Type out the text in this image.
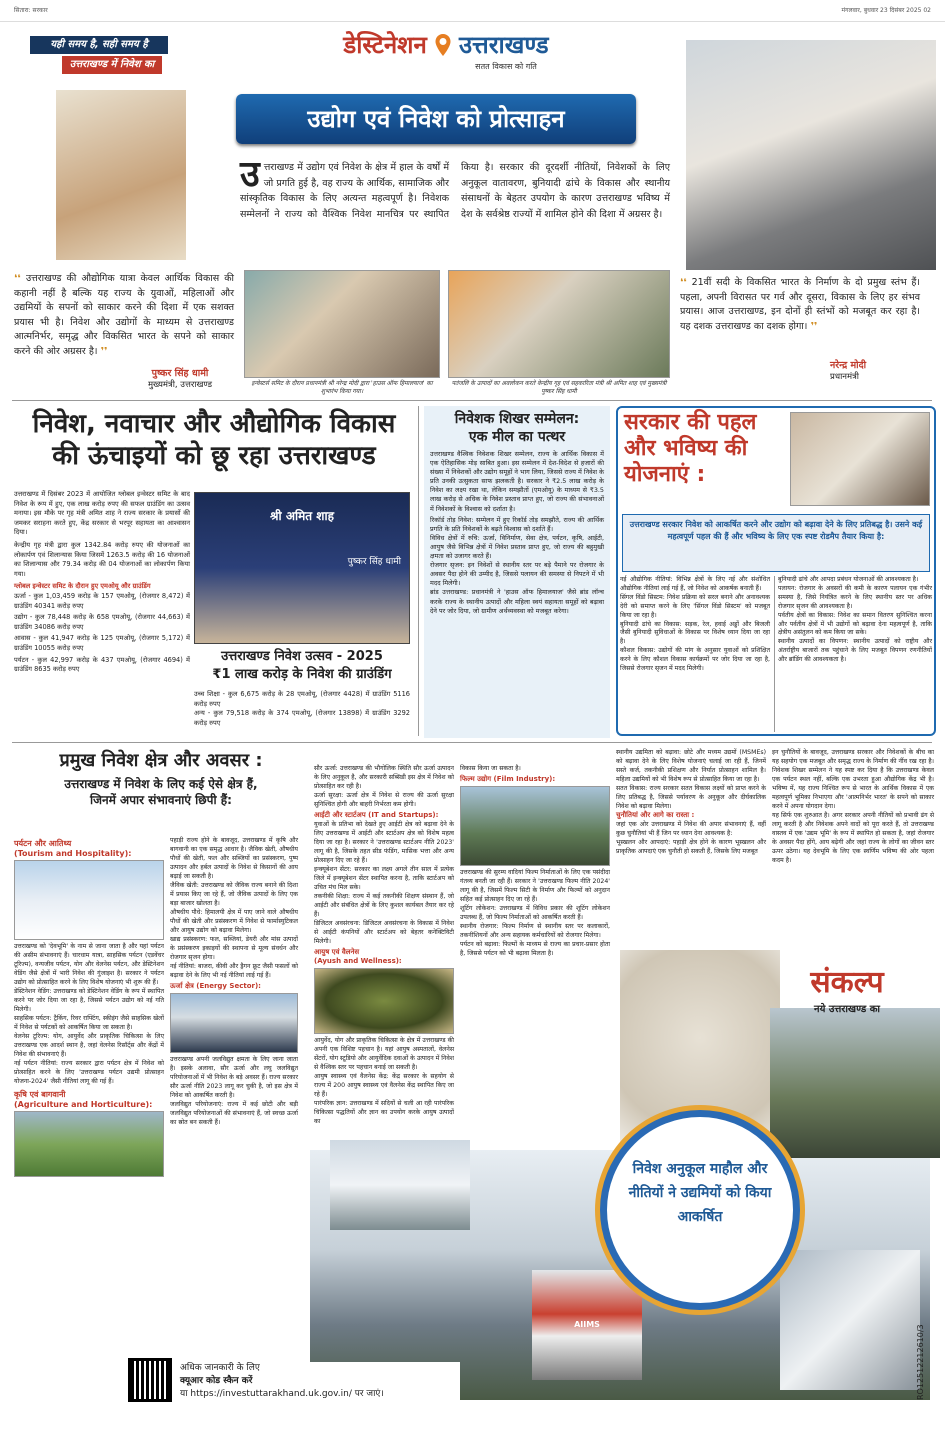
सितारा: सरकार	मंगलवार, बुधवार 23 दिसंबर 2025 02
यही समय है, सही समय है
उत्तराखण्ड में निवेश का
डेस्टिनेशन उत्तराखण्ड
सतत विकास को गति
उद्योग एवं निवेश को प्रोत्साहन
उत्तराखण्ड में उद्योग एवं निवेश के क्षेत्र में हाल के वर्षों में जो प्रगति हुई है, वह राज्य के आर्थिक, सामाजिक और सांस्कृतिक विकास के लिए अत्यन्त महत्वपूर्ण है। निवेशक सम्मेलनों ने राज्य को वैश्विक निवेश मानचित्र पर स्थापित किया है। सरकार की दूरदर्शी नीतियों, निवेशकों के लिए अनुकूल वातावरण, बुनियादी ढांचे के विकास और स्थानीय संसाधनों के बेहतर उपयोग के कारण उत्तराखण्ड भविष्य में देश के सर्वश्रेष्ठ राज्यों में शामिल होने की दिशा में अग्रसर है।
❛❛ उत्तराखण्ड की औद्योगिक यात्रा केवल आर्थिक विकास की कहानी नहीं है बल्कि यह राज्य के युवाओं, महिलाओं और उद्यमियों के सपनों को साकार करने की दिशा में एक सशक्त प्रयास भी है। निवेश और उद्योगों के माध्यम से उत्तराखण्ड आत्मनिर्भर, समृद्ध और विकसित भारत के सपने को साकार करने की ओर अग्रसर है। ❜❜
पुष्कर सिंह धामी
मुख्यमंत्री, उत्तराखण्ड	इन्वेस्टर्स समिट के दौरान प्रधानमंत्री श्री नरेन्द्र मोदी द्वारा 'हाउस ऑफ हिमालयाज' का शुभारंभ किया गया।
पतंजलि के उत्पादों का अवलोकन करते केन्द्रीय गृह एवं सहकारिता मंत्री श्री अमित शाह एवं मुख्यमंत्री पुष्कर सिंह धामी
❛❛ 21वीं सदी के विकसित भारत के निर्माण के दो प्रमुख स्तंभ हैं। पहला, अपनी विरासत पर गर्व और दूसरा, विकास के लिए हर संभव प्रयास। आज उत्तराखण्ड, इन दोनों ही स्तंभों को मजबूत कर रहा है। यह दशक उत्तराखण्ड का दशक होगा। ❜❜
नरेन्द्र मोदी
प्रधानमंत्री
निवेश, नवाचार और औद्योगिक विकास
की ऊंचाइयों को छू रहा उत्तराखण्ड

उत्तराखण्ड में दिसंबर 2023 में आयोजित ग्लोबल इन्वेस्टर समिट के बाद निवेश के रूप में हुए, एक लाख करोड़ रुपए की सफल ग्राउंडिंग का उत्सव मनाया। इस मौके पर गृह मंत्री अमित शाह ने राज्य सरकार के प्रयासों की जमकर सराहना करते हुए, केंद्र सरकार से भरपूर सहायता का आश्वासन दिया।

केन्द्रीय गृह मंत्री द्वारा कुल 1342.84 करोड़ रुपए की योजनाओं का लोकार्पण एवं शिलान्यास किया जिसमें 1263.5 करोड़ की 16 योजनाओं का शिलान्यास और 79.34 करोड़ की 04 योजनाओं का लोकार्पण किया गया।

ग्लोबल इन्वेस्टर समिट के दौरान हुए एमओयू और ग्राउंडिंग

ऊर्जा - कुल 1,03,459 करोड़ के 157 एमओयू, (रोजगार 8,472) में ग्राउंडिंग 40341 करोड़ रुपए

उद्योग - कुल 78,448 करोड़ के 658 एमओयू, (रोजगार 44,663) में ग्राउंडिंग 34086 करोड़ रुपए

आवास - कुल 41,947 करोड़ के 125 एमओयू, (रोजगार 5,172) में ग्राउंडिंग 10055 करोड़ रुपए

पर्यटन - कुल 42,997 करोड़ के 437 एमओयू, (रोजगार 4694) में ग्राउंडिंग 8635 करोड़ रुपए

श्री अमित शाह
पुष्कर सिंह धामी
उत्तराखण्ड निवेश उत्सव - 2025
₹1 लाख करोड़ के निवेश की ग्राउंडिंग

उच्च शिक्षा - कुल 6,675 करोड़ के 28 एमओयू, (रोजगार 4428) में ग्राउंडिंग 5116 करोड़ रुपए

अन्य - कुल 79,518 करोड़ के 374 एमओयू, (रोजगार 13898) में ग्राउंडिंग 3292 करोड़ रुपए

निवेशक शिखर सम्मेलन:
एक मील का पत्थर

उत्तराखण्ड वैश्विक निवेशक शिखर सम्मेलन, राज्य के आर्थिक विकास में एक ऐतिहासिक मोड़ साबित हुआ। इस सम्मेलन में देश-विदेश से हजारों की संख्या में निवेशकों और उद्योग समूहों ने भाग लिया, जिससे राज्य में निवेश के प्रति उनकी उत्सुकता साफ झलकती है। सरकार ने ₹2.5 लाख करोड़ के निवेश का लक्ष्य रखा था, लेकिन समझौतों (एमओयू) के माध्यम से ₹3.5 लाख करोड़ से अधिक के निवेश प्रस्ताव प्राप्त हुए, जो राज्य की संभावनाओं में निवेशकों के विश्वास को दर्शाता है।

रिकॉर्ड तोड़ निवेश: सम्मेलन में हुए रिकॉर्ड तोड़ समझौते, राज्य की आर्थिक प्रगति के प्रति निवेशकों के बढ़ते विश्वास को दर्शाते हैं।

विविध क्षेत्रों में रुचि: ऊर्जा, विनिर्माण, सेवा क्षेत्र, पर्यटन, कृषि, आईटी, आयुष जैसे विभिन्न क्षेत्रों में निवेश प्रस्ताव प्राप्त हुए, जो राज्य की बहुमुखी क्षमता को उजागर करते हैं।

रोजगार सृजन: इन निवेशों से स्थानीय स्तर पर बड़े पैमाने पर रोजगार के अवसर पैदा होने की उम्मीद है, जिससे पलायन की समस्या से निपटने में भी मदद मिलेगी।

ब्रांड उत्तराखण्ड: प्रधानमंत्री ने 'हाउस ऑफ हिमालयाज' जैसे ब्रांड लॉन्च करके राज्य के स्थानीय उत्पादों और महिला स्वयं सहायता समूहों को बढ़ावा देने पर जोर दिया, जो ग्रामीण अर्थव्यवस्था को मजबूत करेगा।

सरकार की पहल
और भविष्य की
योजनाएं :
उत्तराखण्ड सरकार निवेश को आकर्षित करने और उद्योग को बढ़ावा देने के लिए प्रतिबद्ध है। उसने कई महत्वपूर्ण पहल की हैं और भविष्य के लिए एक स्पष्ट रोडमैप तैयार किया है:

नई औद्योगिक नीतियां: विभिन्न क्षेत्रों के लिए नई और संशोधित औद्योगिक नीतियां लाई गई हैं, जो निवेश को आकर्षक बनाती हैं।

सिंगल विंडो सिस्टम: निवेश प्रक्रिया को सरल बनाने और अनावश्यक देरी को समाप्त करने के लिए 'सिंगल विंडो सिस्टम' को मजबूत किया जा रहा है।

बुनियादी ढांचे का विकास: सड़क, रेल, हवाई अड्डों और बिजली जैसी बुनियादी सुविधाओं के विकास पर विशेष ध्यान दिया जा रहा है।

कौशल विकास: उद्योगों की मांग के अनुसार युवाओं को प्रशिक्षित करने के लिए कौशल विकास कार्यक्रमों पर जोर दिया जा रहा है, जिससे रोजगार सृजन में मदद मिलेगी।

बुनियादी ढांचे और आपदा प्रबंधन योजनाओं की आवश्यकता है।

पलायन: रोजगार के अवसरों की कमी के कारण पलायन एक गंभीर समस्या है, जिसे नियंत्रित करने के लिए स्थानीय स्तर पर अधिक रोजगार सृजन की आवश्यकता है।

पर्वतीय क्षेत्रों का विकास: निवेश का समान वितरण सुनिश्चित करना और पर्वतीय क्षेत्रों में भी उद्योगों को बढ़ावा देना महत्वपूर्ण है, ताकि क्षेत्रीय असंतुलन को कम किया जा सके।

स्थानीय उत्पादों का विपणन: स्थानीय उत्पादों को राष्ट्रीय और अंतर्राष्ट्रीय बाजारों तक पहुंचाने के लिए मजबूत विपणन रणनीतियों और ब्रांडिंग की आवश्यकता है।

प्रमुख निवेश क्षेत्र और अवसर :
उत्तराखण्ड में निवेश के लिए कई ऐसे क्षेत्र हैं,
जिनमें अपार संभावनाएं छिपी हैं:
पर्यटन और आतिथ्य
(Tourism and Hospitality):

उत्तराखण्ड को 'देवभूमि' के नाम से जाना जाता है और यहां पर्यटन की असीम संभावनाएं हैं। चारधाम यात्रा, साहसिक पर्यटन (एडवेंचर टूरिज्म), वन्यजीव पर्यटन, योग और वेलनेस पर्यटन, और डेस्टिनेशन वेडिंग जैसे क्षेत्रों में भारी निवेश की गुंजाइश है। सरकार ने पर्यटन उद्योग को प्रोत्साहित करने के लिए विशेष योजनाएं भी शुरू की हैं।

डेस्टिनेशन वेडिंग: उत्तराखण्ड को डेस्टिनेशन वेडिंग के रूप में स्थापित करने पर जोर दिया जा रहा है, जिससे पर्यटन उद्योग को नई गति मिलेगी।

साहसिक पर्यटन: ट्रैकिंग, रिवर राफ्टिंग, स्कीइंग जैसे साहसिक खेलों में निवेश से पर्यटकों को आकर्षित किया जा सकता है।

वेलनेस टूरिज्म: योग, आयुर्वेद और प्राकृतिक चिकित्सा के लिए उत्तराखण्ड एक आदर्श स्थान है, जहां वेलनेस रिसॉर्ट्स और केंद्रों में निवेश की संभावनाएं हैं।

नई पर्यटन नीतियां: राज्य सरकार द्वारा पर्यटन क्षेत्र में निवेश को प्रोत्साहित करने के लिए 'उत्तराखण्ड पर्यटन उद्यमी प्रोत्साहन योजना-2024' जैसी नीतियां लागू की गई हैं।

कृषि एवं बागवानी
(Agriculture and Horticulture):

पहाड़ी राज्य होने के बावजूद, उत्तराखण्ड में कृषि और बागवानी का एक समृद्ध आधार है। जैविक खेती, औषधीय पौधों की खेती, फल और सब्जियों का प्रसंस्करण, पुष्प उत्पादन और हर्बल उत्पादों के निवेश से किसानों की आय बढ़ाई जा सकती है।

जैविक खेती: उत्तराखण्ड को जैविक राज्य बनाने की दिशा में प्रयास किए जा रहे हैं, जो जैविक उत्पादों के लिए एक बड़ा बाजार खोलता है।

औषधीय पौधे: हिमालयी क्षेत्र में पाए जाने वाले औषधीय पौधों की खेती और प्रसंस्करण में निवेश से फार्मास्युटिकल और आयुष उद्योग को बढ़ावा मिलेगा।

खाद्य प्रसंस्करण: फल, सब्जियां, डेयरी और मांस उत्पादों के प्रसंस्करण इकाइयों की स्थापना से मूल्य संवर्धन और रोजगार सृजन होगा।

नई नीतियां: बाजरा, कीवी और ड्रैगन फ्रूट जैसी फसलों को बढ़ावा देने के लिए भी नई नीतियां लाई गई हैं।

ऊर्जा क्षेत्र (Energy Sector):

उत्तराखण्ड अपनी जलविद्युत क्षमता के लिए जाना जाता है। इसके अलावा, सौर ऊर्जा और लघु जलविद्युत परियोजनाओं में भी निवेश के बड़े अवसर हैं। राज्य सरकार सौर ऊर्जा नीति 2023 लागू कर चुकी है, जो इस क्षेत्र में निवेश को आकर्षित करती है।

जलविद्युत परियोजनाएं: राज्य में कई छोटी और बड़ी जलविद्युत परियोजनाओं की संभावनाएं हैं, जो स्वच्छ ऊर्जा का स्रोत बन सकती हैं।

सौर ऊर्जा: उत्तराखण्ड की भौगोलिक स्थिति सौर ऊर्जा उत्पादन के लिए अनुकूल है, और सरकारी सब्सिडी इस क्षेत्र में निवेश को प्रोत्साहित कर रही है।

ऊर्जा सुरक्षा: ऊर्जा क्षेत्र में निवेश से राज्य की ऊर्जा सुरक्षा सुनिश्चित होगी और बाहरी निर्भरता कम होगी।

आईटी और स्टार्टअप (IT and Startups):

युवाओं के प्रतिभा को देखते हुए आईटी क्षेत्र को बढ़ावा देने के लिए उत्तराखण्ड में आईटी और स्टार्टअप क्षेत्र को विशेष महत्व दिया जा रहा है। सरकार ने 'उत्तराखण्ड स्टार्टअप नीति 2023' लागू की है, जिसके तहत सीड फंडिंग, मासिक भत्ता और अन्य प्रोत्साहन दिए जा रहे हैं।

इन्क्यूबेशन सेंटर: सरकार का लक्ष्य अगले तीन साल में प्रत्येक जिले में इन्क्यूबेशन सेंटर स्थापित करना है, ताकि स्टार्टअप को उचित मंच मिल सके।

तकनीकी शिक्षा: राज्य में कई तकनीकी शिक्षण संस्थान हैं, जो आईटी और संबंधित क्षेत्रों के लिए कुशल कार्यबल तैयार कर रहे हैं।

डिजिटल अवसंरचना: डिजिटल अवसंरचना के विकास में निवेश से आईटी कंपनियों और स्टार्टअप को बेहतर कनेक्टिविटी मिलेगी।

आयुष एवं वैलनेस

(Ayush and Wellness):

आयुर्वेद, योग और प्राकृतिक चिकित्सा के क्षेत्र में उत्तराखण्ड की अपनी एक विशिष्ट पहचान है। यहां आयुष अस्पतालों, वेलनेस सेंटरों, योग स्टूडियो और आयुर्वेदिक दवाओं के उत्पादन में निवेश से वैश्विक स्तर पर पहचान बनाई जा सकती है।

आयुष स्वास्थ्य एवं वैलनेस केंद्र: केंद्र सरकार के सहयोग से राज्य में 200 आयुष स्वास्थ्य एवं वैलनेस केंद्र स्थापित किए जा रहे हैं।

पारंपरिक ज्ञान: उत्तराखण्ड में सदियों से चली आ रही पारंपरिक चिकित्सा पद्धतियों और ज्ञान का उपयोग करके आयुष उत्पादों का

विकास किया जा सकता है।

फिल्म उद्योग (Film Industry):

उत्तराखण्ड की सुरम्य वादियां फिल्म निर्माताओं के लिए एक पसंदीदा गंतव्य बनती जा रही हैं। सरकार ने 'उत्तराखण्ड फिल्म नीति 2024' लागू की है, जिसमें फिल्म सिटी के निर्माण और फिल्मों को अनुदान सहित कई प्रोत्साहन दिए जा रहे हैं।

शूटिंग लोकेशन: उत्तराखण्ड में विविध प्रकार की शूटिंग लोकेशन उपलब्ध हैं, जो फिल्म निर्माताओं को आकर्षित करती हैं।

स्थानीय रोजगार: फिल्म निर्माण से स्थानीय स्तर पर कलाकारों, तकनीशियनों और अन्य सहायक कर्मचारियों को रोजगार मिलेगा।

पर्यटन को बढ़ावा: फिल्मों के माध्यम से राज्य का प्रचार-प्रसार होता है, जिससे पर्यटन को भी बढ़ावा मिलता है।

स्थानीय उद्यमिता को बढ़ावा: छोटे और मध्यम उद्यमों (MSMEs) को बढ़ावा देने के लिए विशेष योजनाएं चलाई जा रही हैं, जिनमें सस्ते कर्ज, तकनीकी प्रशिक्षण और निर्यात प्रोत्साहन शामिल है। महिला उद्यमियों को भी विशेष रूप से प्रोत्साहित किया जा रहा है।

सतत विकास: राज्य सरकार सतत विकास लक्ष्यों को प्राप्त करने के लिए प्रतिबद्ध है, जिससे पर्यावरण के अनुकूल और दीर्घकालिक निवेश को बढ़ावा मिलेगा।

चुनौतियां और आगे का रास्ता :

जहां एक ओर उत्तराखण्ड में निवेश की अपार संभावनाएं हैं, वहीं कुछ चुनौतियां भी हैं जिन पर ध्यान देना आवश्यक है:

भूस्खलन और आपदाएं: पहाड़ी क्षेत्र होने के कारण भूस्खलन और प्राकृतिक आपदाएं एक चुनौती हो सकती हैं, जिसके लिए मजबूत

इन चुनौतियों के बावजूद, उत्तराखण्ड सरकार और निवेशकों के बीच का यह सहयोग एक मजबूत और समृद्ध राज्य के निर्माण की नींव रख रहा है। निवेशक शिखर सम्मेलन ने यह स्पष्ट कर दिया है कि उत्तराखण्ड केवल एक पर्यटन स्थल नहीं, बल्कि एक उभरता हुआ औद्योगिक केंद्र भी है। भविष्य में, यह राज्य निश्चित रूप से भारत के आर्थिक विकास में एक महत्वपूर्ण भूमिका निभाएगा और 'आत्मनिर्भर भारत' के सपने को साकार करने में अपना योगदान देगा।

यह सिर्फ एक शुरुआत है। अगर सरकार अपनी नीतियों को प्रभावी ढंग से लागू करती है और निवेशक अपने वादों को पूरा करते हैं, तो उत्तराखण्ड वास्तव में एक 'उद्यम भूमि' के रूप में स्थापित हो सकता है, जहां रोजगार के अवसर पैदा होंगे, आय बढ़ेगी और जहां राज्य के लोगों का जीवन स्तर ऊपर उठेगा। यह देवभूमि के लिए एक स्वर्णिम भविष्य की ओर पहला कदम है।

AIIMS
निवेश अनुकूल माहौल और नीतियों ने उद्यमियों को किया आकर्षित
संकल्प
नये उत्तराखण्ड का
RO12512212610/3
अधिक जानकारी के लिए
क्यूआर कोड स्कैन करें
या https://investuttarakhand.uk.gov.in/ पर जाएं।
